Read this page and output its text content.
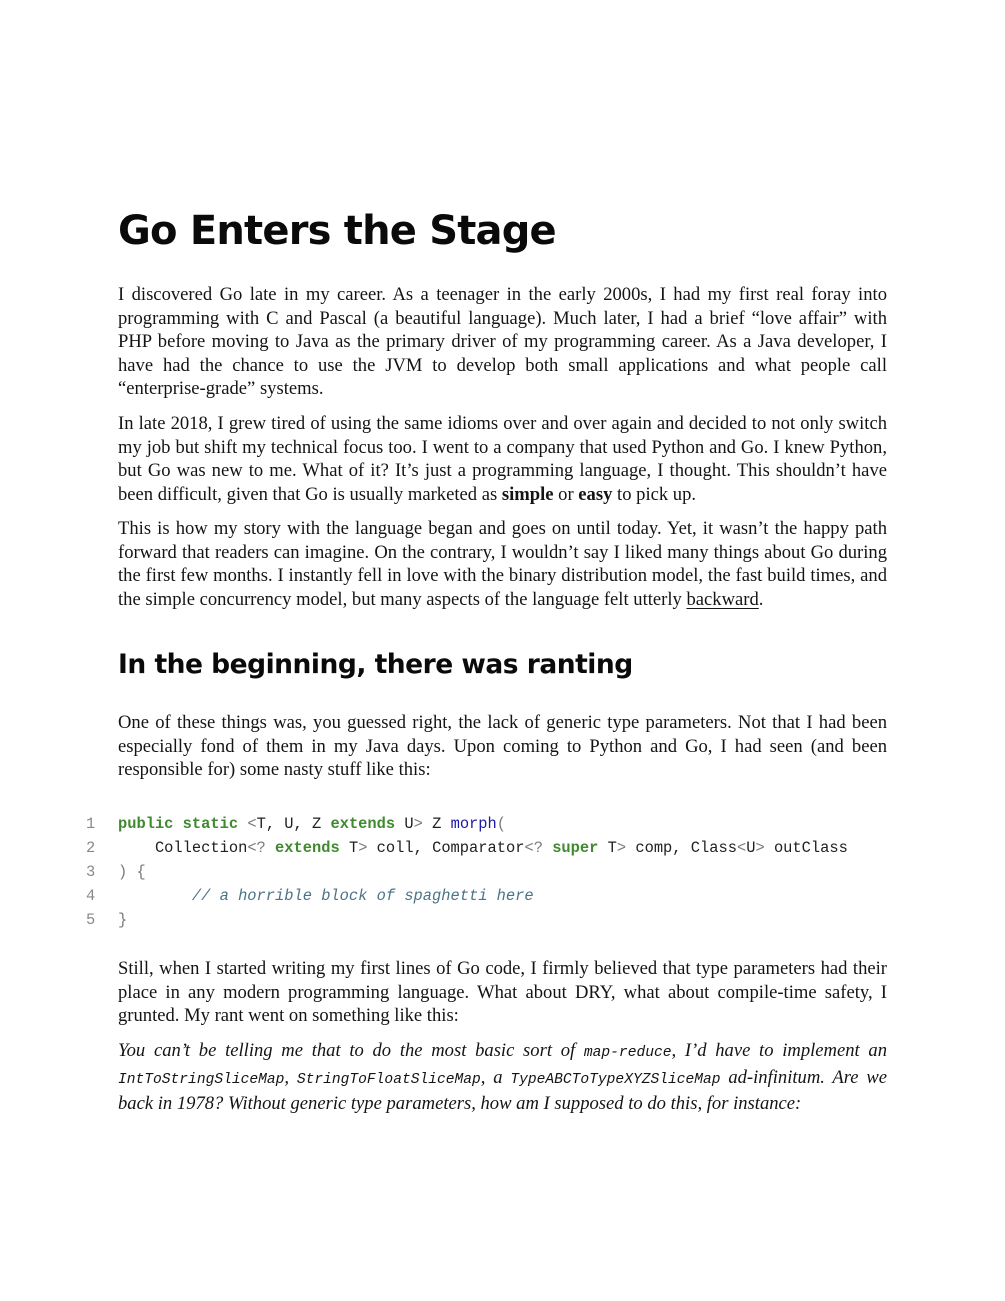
Go Enters the Stage

I discovered Go late in my career. As a teenager in the early 2000s, I had my first real foray into programming with C and Pascal (a beautiful language). Much later, I had a brief “love affair” with PHP before moving to Java as the primary driver of my programming career. As a Java developer, I have had the chance to use the JVM to develop both small applications and what people call “enterprise-grade” systems.

In late 2018, I grew tired of using the same idioms over and over again and decided to not only switch my job but shift my technical focus too. I went to a company that used Python and Go. I knew Python, but Go was new to me. What of it? It’s just a programming language, I thought. This shouldn’t have been difficult, given that Go is usually marketed as simple or easy to pick up.

This is how my story with the language began and goes on until today. Yet, it wasn’t the happy path forward that readers can imagine. On the contrary, I wouldn’t say I liked many things about Go during the first few months. I instantly fell in love with the binary distribution model, the fast build times, and the simple concurrency model, but many aspects of the language felt utterly backward.

In the beginning, there was ranting

One of these things was, you guessed right, the lack of generic type parameters. Not that I had been especially fond of them in my Java days. Upon coming to Python and Go, I had seen (and been responsible for) some nasty stuff like this:

Still, when I started writing my first lines of Go code, I firmly believed that type parameters had their place in any modern programming language. What about DRY, what about compile-time safety, I grunted. My rant went on something like this:

You can’t be telling me that to do the most basic sort of map-reduce, I’d have to implement an IntToStringSliceMap, StringToFloatSliceMap, a TypeABCToTypeXYZSliceMap ad-infinitum. Are we back in 1978? Without generic type parameters, how am I supposed to do this, for instance:

1	public static <T, U, Z extends U> Z morph(
2	Collection<? extends T> coll, Comparator<? super T> comp, Class<U> outClass
3	) {
4	// a horrible block of spaghetti here
5	}
